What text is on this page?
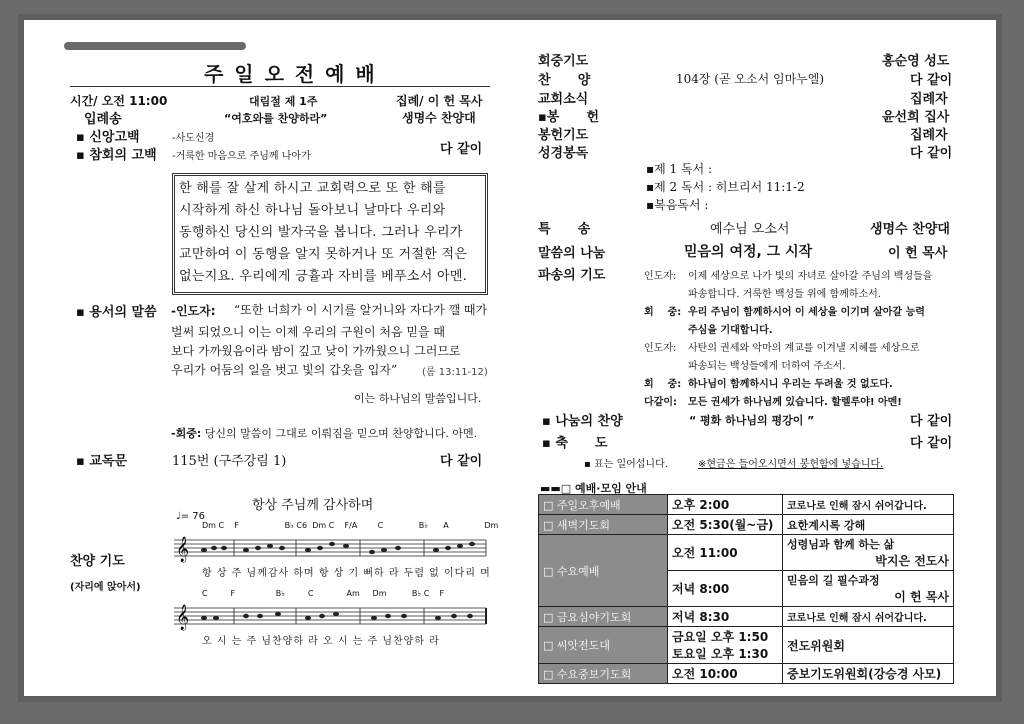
주 일 오 전 예 배
시간/ 오전 11:00	대림절 제 1주	집례/ 이 헌 목사
입례송	“여호와를 찬양하라”	생명수 찬양대
▪ 신앙고백	-사도신경
▪ 참회의 고백 -거룩한 마음으로 주님께 나아가	다 같이

한 해를 잘 살게 하시고 교회력으로 또 한 해를

시작하게 하신 하나님 돌아보니 날마다 우리와

동행하신 당신의 발자국을 봅니다. 그러나 우리가

교만하여 이 동행을 알지 못하거나 또 거절한 적은

없는지요. 우리에게 긍휼과 자비를 베푸소서 아멘.

▪ 용서의 말씀 -인도자: “또한 너희가 이 시기를 알거니와 자다가 깰 때가
벌써 되었으니 이는 이제 우리의 구원이 처음 믿을 때
보다 가까웠음이라 밤이 깊고 낮이 가까웠으니 그러므로
우리가 어둠의 일을 벗고 빛의 갑옷을 입자” (롬 13:11-12)
이는 하나님의 말씀입니다.
-회중: 당신의 말씀이 그대로 이뤄짐을 믿으며 찬양합니다. 아멘.
▪ 교독문	115번 (구주강림 1)	다 같이
찬양 기도
(자리에 앉아서)
항상 주님께 감사하며
♩= 76
Dm C    F                  B♭ C6  Dm C    F/A        C              B♭      A              Dm
C         F                B♭         C             Am     Dm          B♭ C    F
𝄞
𝄞
항 상 주 님께감사 하며 항 상 기 뻐하 라 두렴 없 이다리 며
오 시 는 주 님찬양하 라 오 시 는 주 님찬양하 라
회중기도	홍순영 성도
찬      양	104장 (곧 오소서 임마누엘)	다 같이
교회소식	집례자
▪봉      헌	윤선희 집사
봉헌기도	집례자
성경봉독	다 같이
▪제 1 독서 :
▪제 2 독서 : 히브리서 11:1-2
▪복음독서 :
특      송	예수님 오소서	생명수 찬양대
말씀의 나눔	믿음의 여정, 그 시작	이 헌 목사
파송의 기도	인도자: 이제 세상으로 나가 빛의 자녀로 살아갈 주님의 백성들을
파송합니다. 거룩한 백성들 위에 함께하소서.
회    중: 우리 주님이 함께하시어 이 세상을 이기며 살아갈 능력
주심을 기대합니다.
인도자: 사탄의 권세와 악마의 계교를 이겨낼 지혜를 세상으로
파송되는 백성들에게 더하여 주소서.
회    중: 하나님이 함께하시니 우리는 두려울 것 없도다.
다같이: 모든 권세가 하나님께 있습니다. 할렐루야! 아멘!
▪ 나눔의 찬양	“ 평화 하나님의 평강이 ”	다 같이
▪ 축      도	다 같이
▪ 표는 일어섭니다.	※현금은 들어오시면서 봉헌함에 넣습니다.
▬▬□ 예배·모임 안내
□ 주일오후예배	오후 2:00	코로나로 인해 잠시 쉬어갑니다.
□ 새벽기도회	오전 5:30(월~금)	요한계시록 강해
□ 수요예배	오전 11:00	성령님과 함께 하는 삶
박지은 전도사

	저녁 8:00	믿음의 길 필수과정
이 헌 목사

□ 금요심야기도회	저녁 8:30	코로나로 인해 잠시 쉬어갑니다.
□ 씨앗전도대	금요일 오후 1:50
토요일 오후 1:30	전도위원회
□ 수요중보기도회	오전 10:00	중보기도위원회(강승경 사모)
